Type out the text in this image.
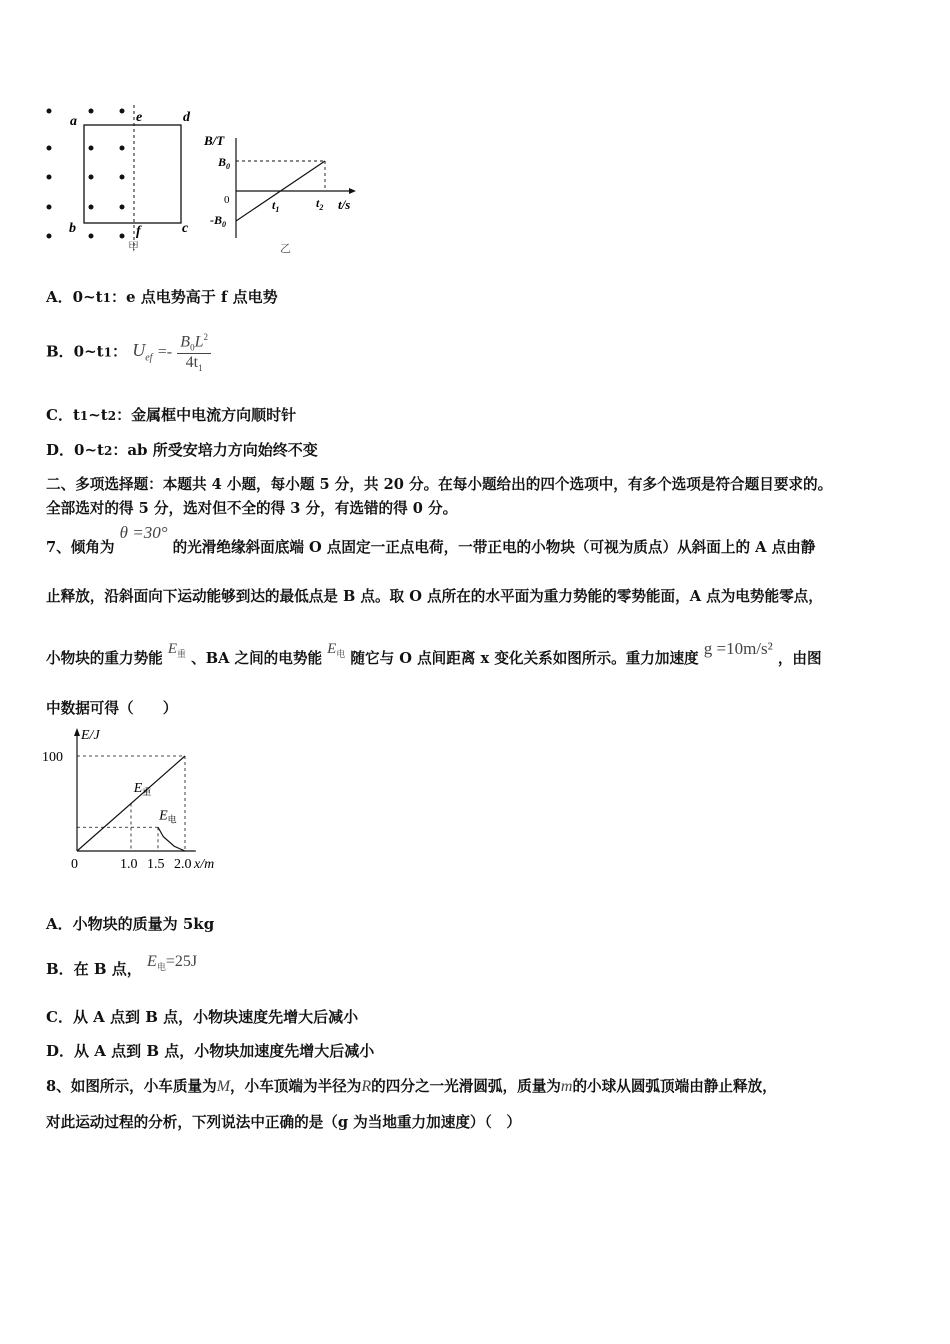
a	e	d
b	f	c
甲
B/T
$B_0$
0
$-B_0$
$t_1$	$t_2$ t/s
乙
A．0~t1：e 点电势高于 f 点电势
B．0~t1： $U_{ef} =- \frac{B_0L^2}{4t_1}$
C．t1~t2：金属框中电流方向顺时针
D．0~t2：ab 所受安培力方向始终不变
二、多项选择题：本题共 4 小题，每小题 5 分，共 20 分。在每小题给出的四个选项中，有多个选项是符合题目要求的。
全部选对的得 5 分，选对但不全的得 3 分，有选错的得 0 分。
7、倾角为 θ =30° 的光滑绝缘斜面底端 O 点固定一正点电荷，一带正电的小物块（可视为质点）从斜面上的 A 点由静
止释放，沿斜面向下运动能够到达的最低点是 B 点。取 O 点所在的水平面为重力势能的零势能面，A 点为电势能零点，
小物块的重力势能 $E_重$ 、BA 之间的电势能 $E_电$ 随它与 O 点间距离 x 变化关系如图所示。重力加速度 g =10m/s² ，由图
中数据可得（　　）
E/J
100
0	1.0 1.5 2.0 x/m
$E_重$
$E_电$
A．小物块的质量为 5kg
B．在 B 点， $E_电=25J$
C．从 A 点到 B 点，小物块速度先增大后减小
D．从 A 点到 B 点，小物块加速度先增大后减小
8、如图所示，小车质量为M，小车顶端为半径为R的四分之一光滑圆弧，质量为m的小球从圆弧顶端由静止释放，
对此运动过程的分析，下列说法中正确的是（g 为当地重力加速度）（　）
